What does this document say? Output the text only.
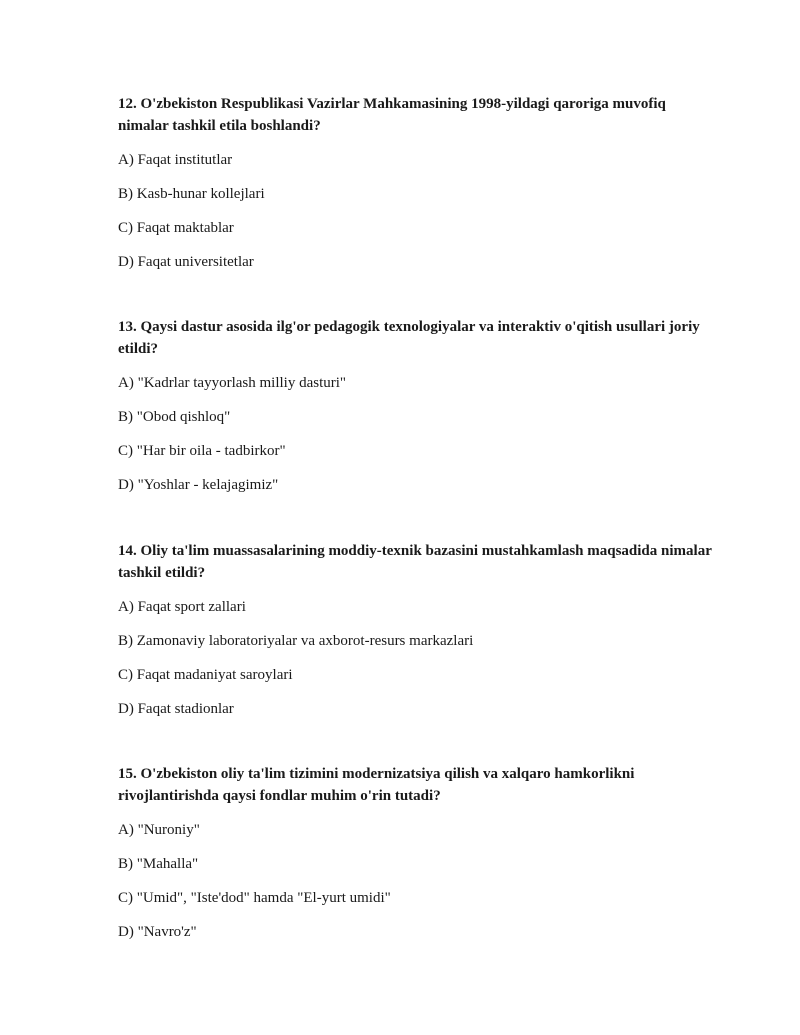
12. O'zbekiston Respublikasi Vazirlar Mahkamasining 1998-yildagi qaroriga muvofiq nimalar tashkil etila boshlandi?

A) Faqat institutlar
B) Kasb-hunar kollejlari
C) Faqat maktablar
D) Faqat universitetlar

13. Qaysi dastur asosida ilg'or pedagogik texnologiyalar va interaktiv o'qitish usullari joriy etildi?

A) "Kadrlar tayyorlash milliy dasturi"
B) "Obod qishloq"
C) "Har bir oila - tadbirkor"
D) "Yoshlar - kelajagimiz"

14. Oliy ta'lim muassasalarining moddiy-texnik bazasini mustahkamlash maqsadida nimalar tashkil etildi?

A) Faqat sport zallari
B) Zamonaviy laboratoriyalar va axborot-resurs markazlari
C) Faqat madaniyat saroylari
D) Faqat stadionlar

15. O'zbekiston oliy ta'lim tizimini modernizatsiya qilish va xalqaro hamkorlikni rivojlantirishda qaysi fondlar muhim o'rin tutadi?

A) "Nuroniy"
B) "Mahalla"
C) "Umid", "Iste'dod" hamda "El-yurt umidi"
D) "Navro'z"
